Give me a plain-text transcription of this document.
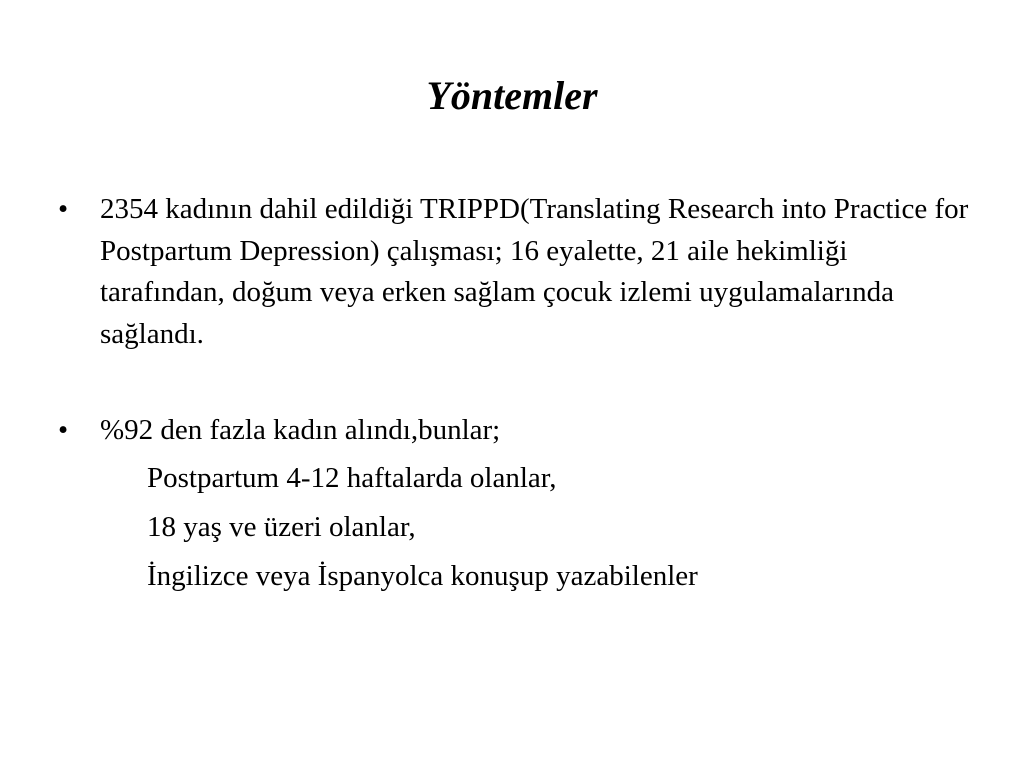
Yöntemler
•	2354 kadının dahil edildiği TRIPPD(Translating Research into Practice for Postpartum Depression) çalışması; 16 eyalette, 21 aile hekimliği tarafından, doğum veya erken sağlam çocuk izlemi uygulamalarında sağlandı.
•	%92 den fazla kadın alındı,bunlar;
Postpartum 4-12 haftalarda olanlar,
18 yaş ve üzeri olanlar,
İngilizce veya İspanyolca konuşup yazabilenler
